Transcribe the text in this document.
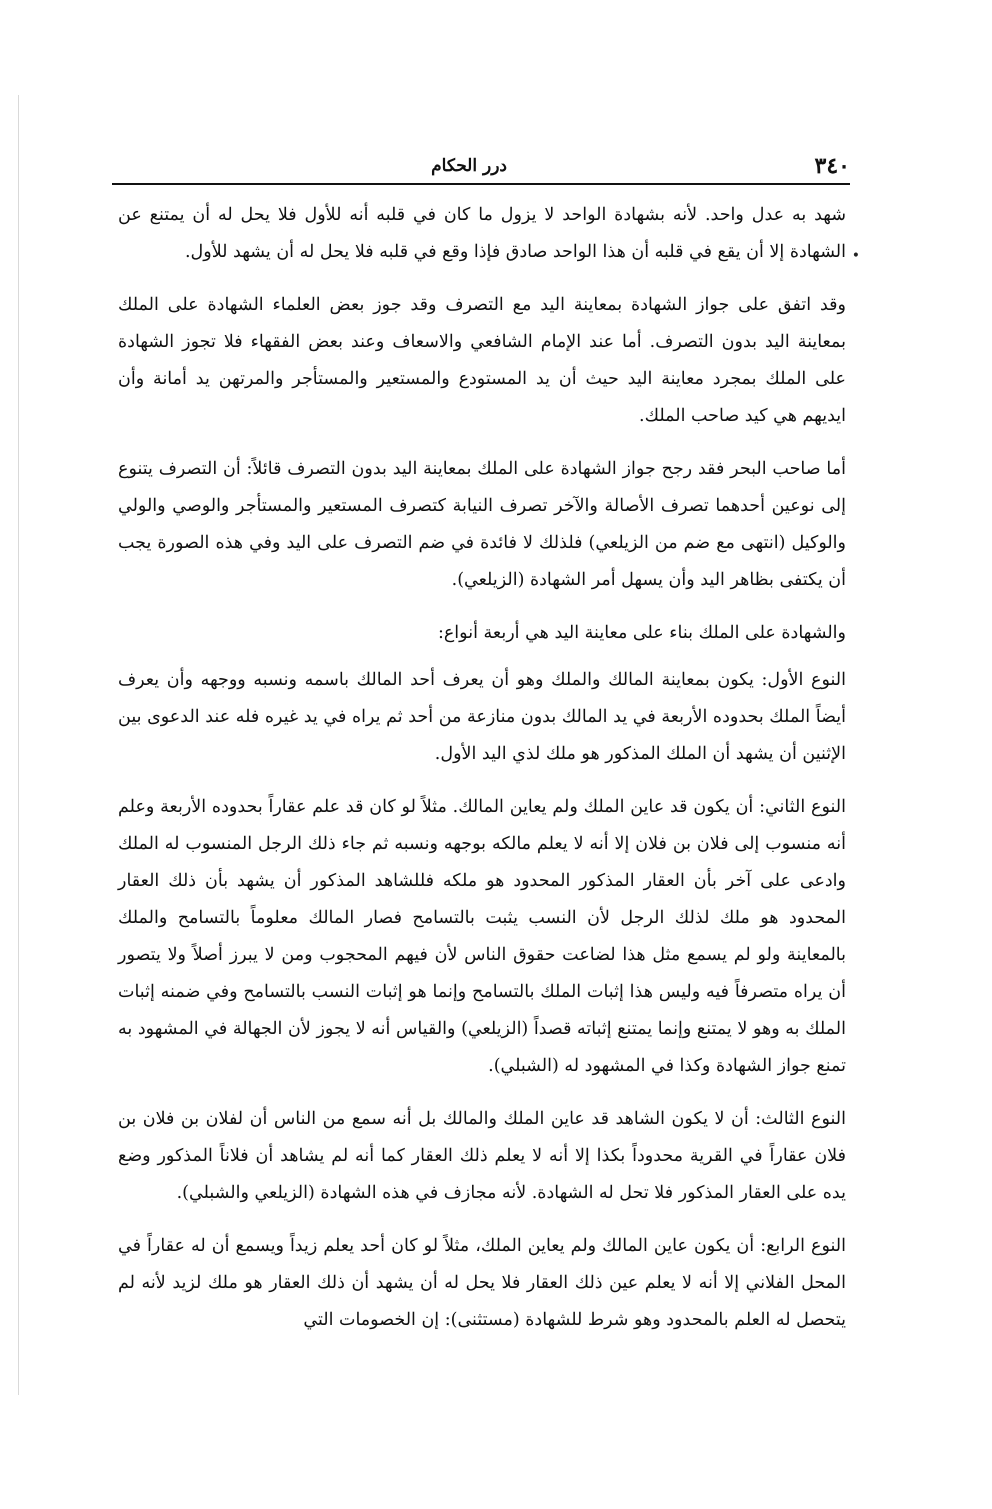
٣٤٠
درر الحكام
•

شهد به عدل واحد. لأنه بشهادة الواحد لا يزول ما كان في قلبه أنه للأول فلا يحل له أن يمتنع عن الشهادة إلا أن يقع في قلبه أن هذا الواحد صادق فإذا وقع في قلبه فلا يحل له أن يشهد للأول.

وقد اتفق على جواز الشهادة بمعاينة اليد مع التصرف وقد جوز بعض العلماء الشهادة على الملك بمعاينة اليد بدون التصرف. أما عند الإمام الشافعي والاسعاف وعند بعض الفقهاء فلا تجوز الشهادة على الملك بمجرد معاينة اليد حيث أن يد المستودع والمستعير والمستأجر والمرتهن يد أمانة وأن ايديهم هي كيد صاحب الملك.

أما صاحب البحر فقد رجح جواز الشهادة على الملك بمعاينة اليد بدون التصرف قائلاً: أن التصرف يتنوع إلى نوعين أحدهما تصرف الأصالة والآخر تصرف النيابة كتصرف المستعير والمستأجر والوصي والولي والوكيل (انتهى مع ضم من الزيلعي) فلذلك لا فائدة في ضم التصرف على اليد وفي هذه الصورة يجب أن يكتفى بظاهر اليد وأن يسهل أمر الشهادة (الزيلعي).

والشهادة على الملك بناء على معاينة اليد هي أربعة أنواع:

النوع الأول: يكون بمعاينة المالك والملك وهو أن يعرف أحد المالك باسمه ونسبه ووجهه وأن يعرف أيضاً الملك بحدوده الأربعة في يد المالك بدون منازعة من أحد ثم يراه في يد غيره فله عند الدعوى بين الإثنين أن يشهد أن الملك المذكور هو ملك لذي اليد الأول.

النوع الثاني: أن يكون قد عاين الملك ولم يعاين المالك. مثلاً لو كان قد علم عقاراً بحدوده الأربعة وعلم أنه منسوب إلى فلان بن فلان إلا أنه لا يعلم مالكه بوجهه ونسبه ثم جاء ذلك الرجل المنسوب له الملك وادعى على آخر بأن العقار المذكور المحدود هو ملكه فللشاهد المذكور أن يشهد بأن ذلك العقار المحدود هو ملك لذلك الرجل لأن النسب يثبت بالتسامح فصار المالك معلوماً بالتسامح والملك بالمعاينة ولو لم يسمع مثل هذا لضاعت حقوق الناس لأن فيهم المحجوب ومن لا يبرز أصلاً ولا يتصور أن يراه متصرفاً فيه وليس هذا إثبات الملك بالتسامح وإنما هو إثبات النسب بالتسامح وفي ضمنه إثبات الملك به وهو لا يمتنع وإنما يمتنع إثباته قصداً (الزيلعي) والقياس أنه لا يجوز لأن الجهالة في المشهود به تمنع جواز الشهادة وكذا في المشهود له (الشبلي).

النوع الثالث: أن لا يكون الشاهد قد عاين الملك والمالك بل أنه سمع من الناس أن لفلان بن فلان بن فلان عقاراً في القرية محدوداً بكذا إلا أنه لا يعلم ذلك العقار كما أنه لم يشاهد أن فلاناً المذكور وضع يده على العقار المذكور فلا تحل له الشهادة. لأنه مجازف في هذه الشهادة (الزيلعي والشبلي).

النوع الرابع: أن يكون عاين المالك ولم يعاين الملك، مثلاً لو كان أحد يعلم زيداً ويسمع أن له عقاراً في المحل الفلاني إلا أنه لا يعلم عين ذلك العقار فلا يحل له أن يشهد أن ذلك العقار هو ملك لزيد لأنه لم يتحصل له العلم بالمحدود وهو شرط للشهادة (مستثنى): إن الخصومات التي
